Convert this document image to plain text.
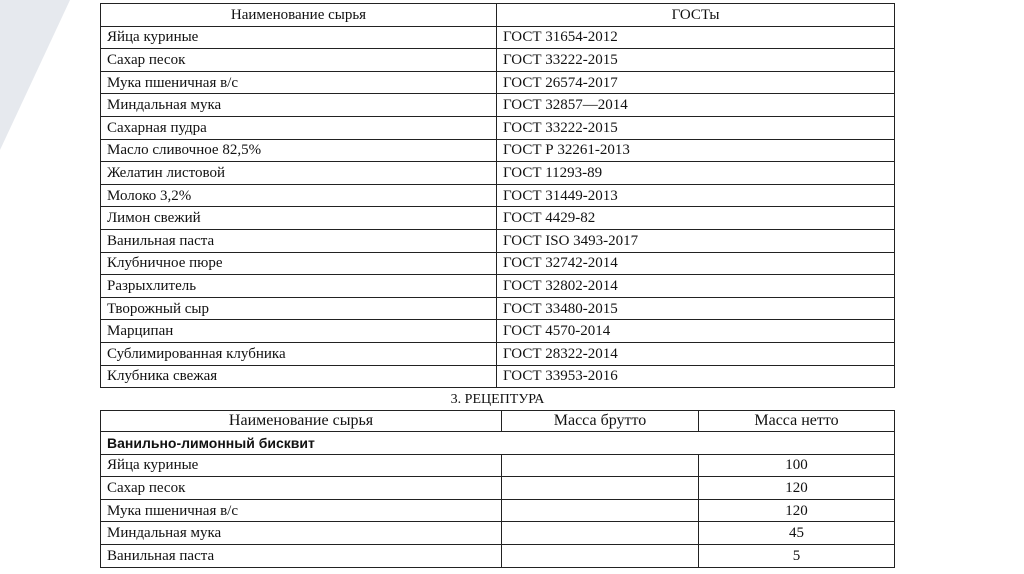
Наименование сырья	ГОСТы
Яйца куриные	ГОСТ 31654-2012
Сахар песок	ГОСТ 33222-2015
Мука пшеничная в/с	ГОСТ 26574-2017
Миндальная мука	ГОСТ 32857—2014
Сахарная пудра	ГОСТ 33222-2015
Масло сливочное 82,5%	ГОСТ Р 32261-2013
Желатин листовой	ГОСТ 11293-89
Молоко 3,2%	ГОСТ 31449-2013
Лимон свежий	ГОСТ 4429-82
Ванильная паста	ГОСТ ISO 3493-2017
Клубничное пюре	ГОСТ 32742-2014
Разрыхлитель	ГОСТ 32802-2014
Творожный сыр	ГОСТ 33480-2015
Марципан	ГОСТ 4570-2014
Сублимированная клубника	ГОСТ 28322-2014
Клубника свежая	ГОСТ 33953-2016
3. РЕЦЕПТУРА
Наименование сырья	Масса брутто	Масса нетто
Ванильно-лимонный бисквит		
Яйца куриные		100
Сахар песок		120
Мука пшеничная в/с		120
Миндальная мука		45
Ванильная паста		5
